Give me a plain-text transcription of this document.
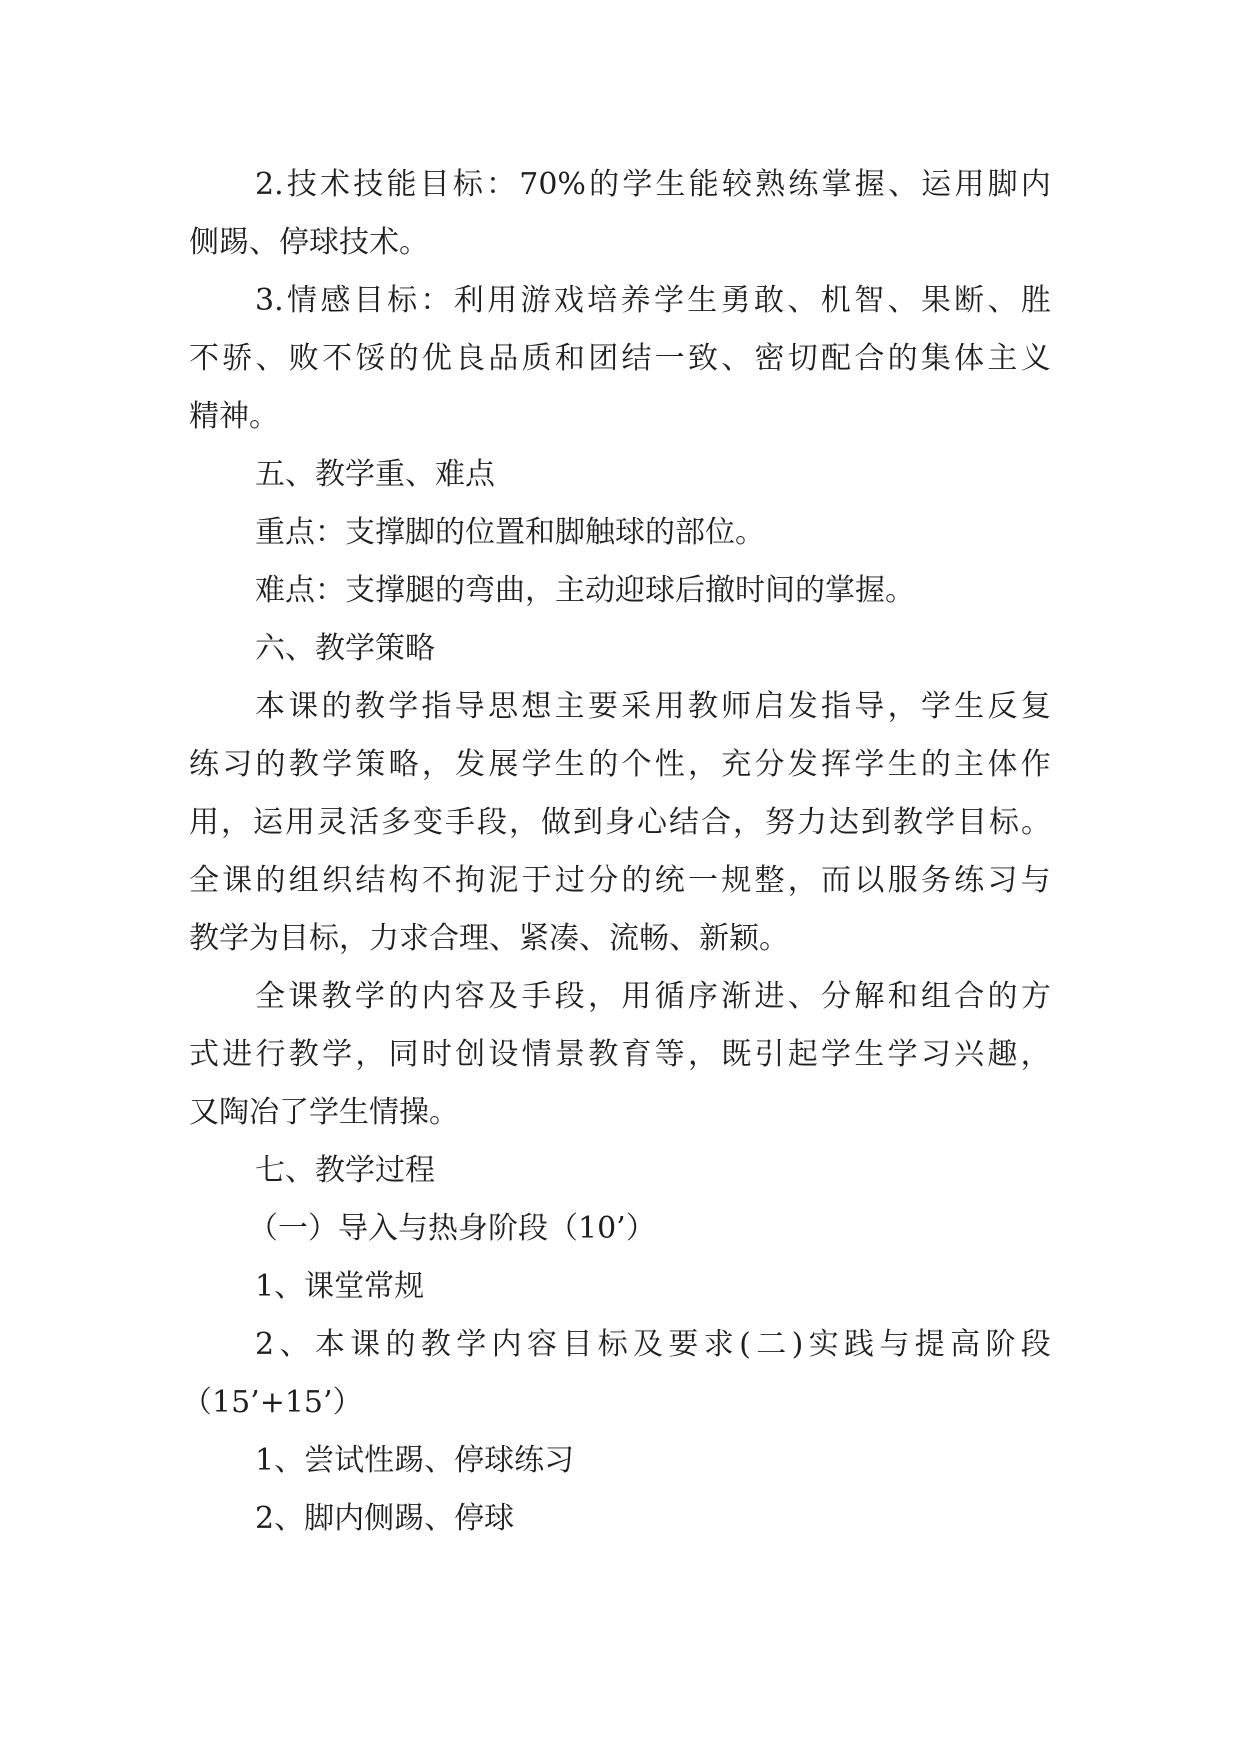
2. 技 术 技 能 目 标 ： 70% 的 学 生 能 较 熟 练 掌 握 、 运 用 脚 内

侧踢、停球技术。

3. 情 感 目 标 ： 利 用 游 戏 培 养 学 生 勇 敢 、 机 智 、 果 断 、 胜

不 骄 、 败 不 馁 的 优 良 品 质 和 团 结 一 致 、 密 切 配 合 的 集 体 主 义

精神。

五、教学重、难点

重点：支撑脚的位置和脚触球的部位。

难点：支撑腿的弯曲，主动迎球后撤时间的掌握。

六、教学策略

本 课 的 教 学 指 导 思 想 主 要 采 用 教 师 启 发 指 导 ， 学 生 反 复

练 习 的 教 学 策 略 ， 发 展 学 生 的 个 性 ， 充 分 发 挥 学 生 的 主 体 作

用 ， 运 用 灵 活 多 变 手 段 ， 做 到 身 心 结 合 ， 努 力 达 到 教 学 目 标 。

全 课 的 组 织 结 构 不 拘 泥 于 过 分 的 统 一 规 整 ， 而 以 服 务 练 习 与

教学为目标，力求合理、紧凑、流畅、新颖。

全 课 教 学 的 内 容 及 手 段 ， 用 循 序 渐 进 、 分 解 和 组 合 的 方

式 进 行 教 学 ， 同 时 创 设 情 景 教 育 等 ， 既 引 起 学 生 学 习 兴 趣 ，

又陶冶了学生情操。

七、教学过程

（一）导入与热身阶段（10’）

1、课堂常规

2 、 本 课 的 教 学 内 容 目 标 及 要 求 ( 二 ) 实 践 与 提 高 阶 段

（15’+15’）

1、尝试性踢、停球练习

2、脚内侧踢、停球
